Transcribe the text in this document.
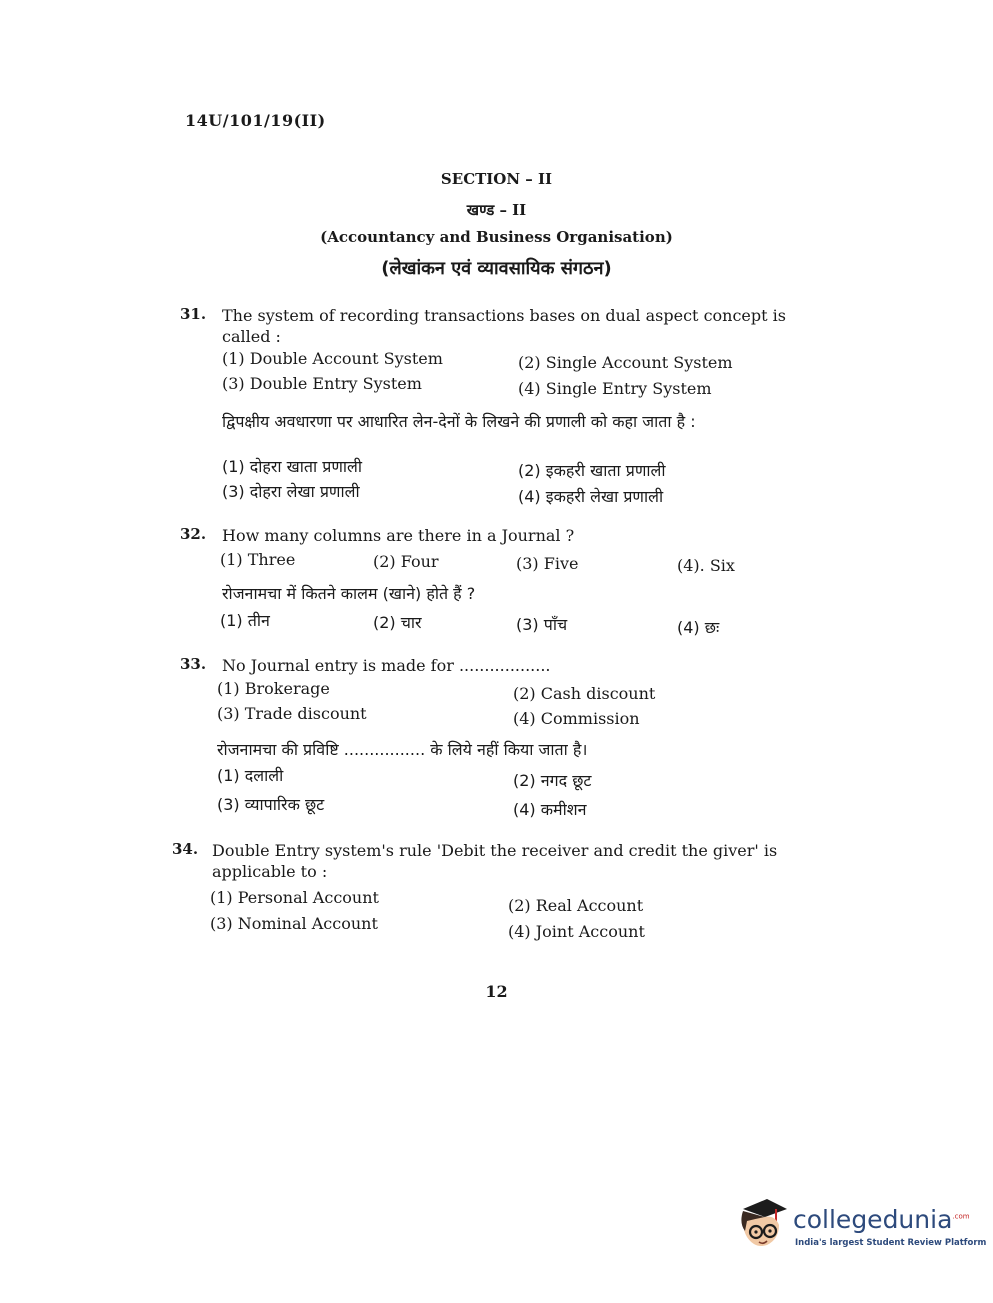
14U/101/19(II)
SECTION – II
खण्ड – II
(Accountancy and Business Organisation)
(लेखांकन एवं व्यावसायिक संगठन)
31. The system of recording transactions bases on dual aspect concept is called :
(1) Double Account System	(2) Single Account System
(3) Double Entry System	(4) Single Entry System
द्विपक्षीय अवधारणा पर आधारित लेन-देनों के लिखने की प्रणाली को कहा जाता है :
(1) दोहरा खाता प्रणाली	(2) इकहरी खाता प्रणाली
(3) दोहरा लेखा प्रणाली	(4) इकहरी लेखा प्रणाली
32. How many columns are there in a Journal ?
(1) Three	(2) Four	(3) Five	(4). Six
रोजनामचा में कितने कालम (खाने) होते हैं ?
(1) तीन	(2) चार	(3) पाँच	(4) छः
33. No Journal entry is made for ..................
(1) Brokerage	(2) Cash discount
(3) Trade discount	(4) Commission
रोजनामचा की प्रविष्टि ................ के लिये नहीं किया जाता है।
(1) दलाली	(2) नगद छूट
(3) व्यापारिक छूट	(4) कमीशन
34. Double Entry system's rule 'Debit the receiver and credit the giver' is applicable to :
(1) Personal Account	(2) Real Account
(3) Nominal Account	(4) Joint Account
12
collegedunia$^{.com}$
India's largest Student Review Platform
